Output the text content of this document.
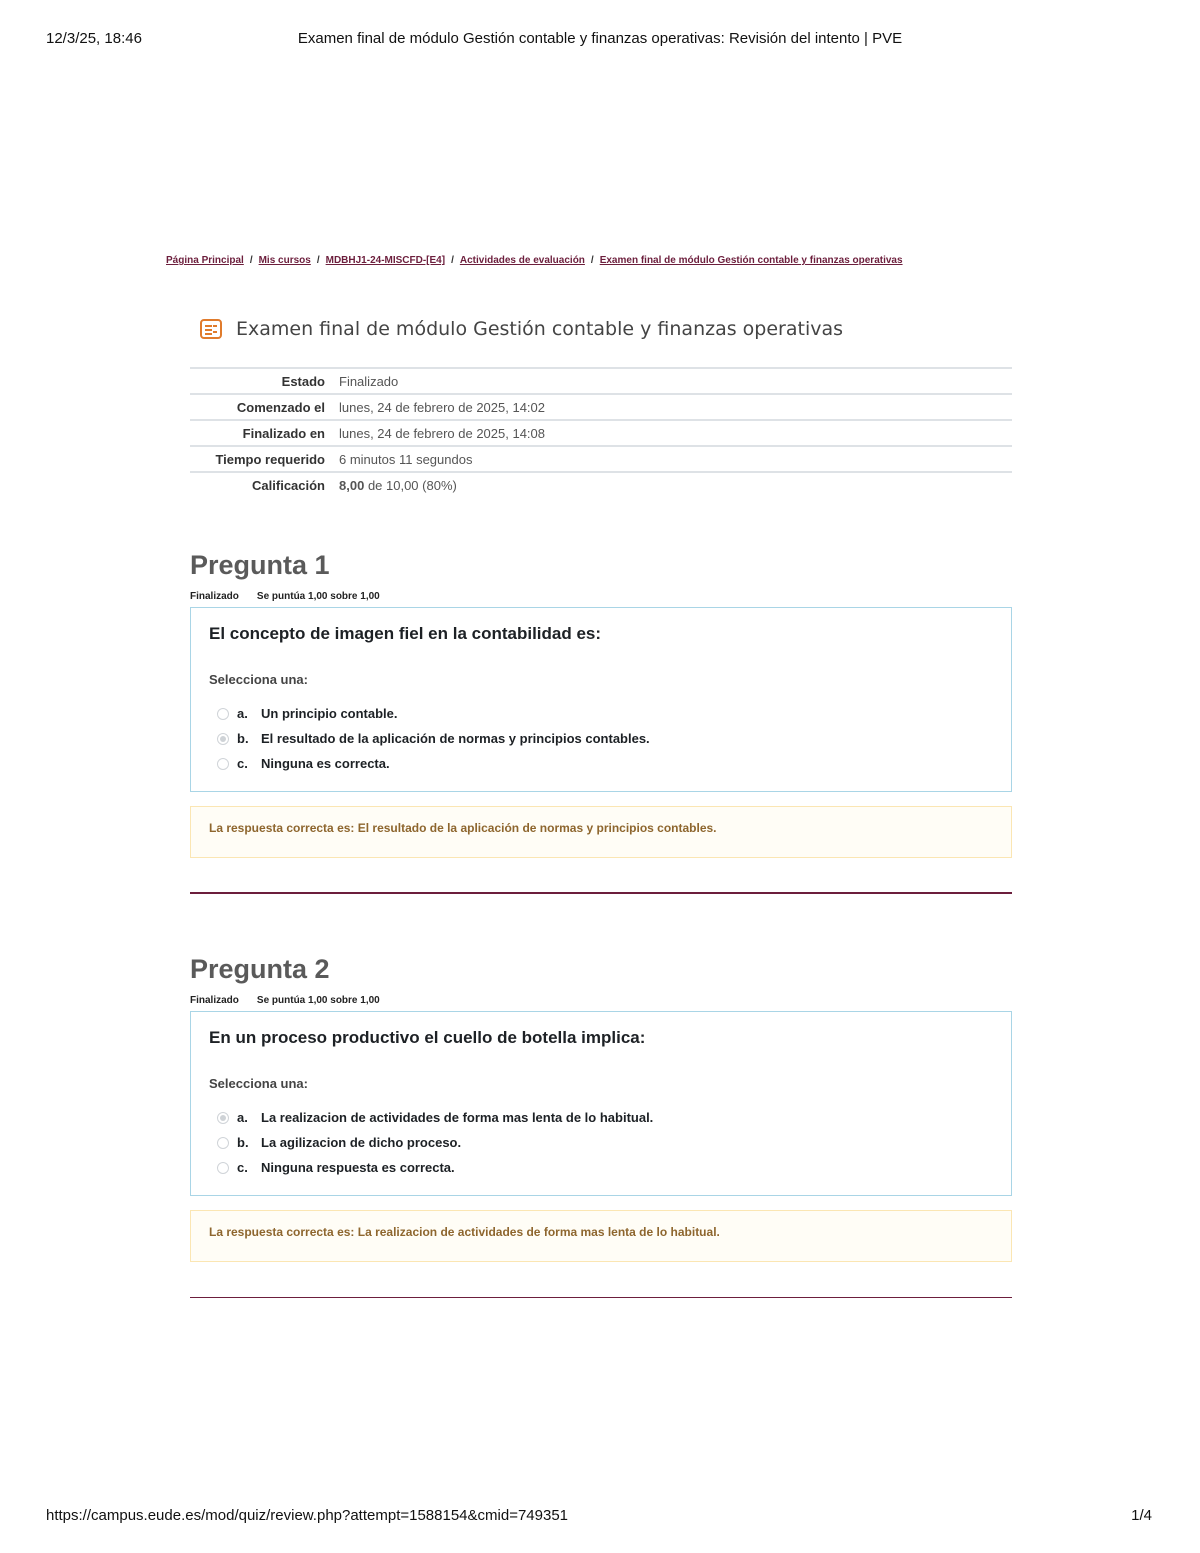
12/3/25, 18:46	Examen final de módulo Gestión contable y finanzas operativas: Revisión del intento | PVE
Página Principal / Mis cursos / MDBHJ1-24-MISCFD-[E4] / Actividades de evaluación / Examen final de módulo Gestión contable y finanzas operativas
Examen final de módulo Gestión contable y finanzas operativas
Estado	Finalizado
Comenzado el	lunes, 24 de febrero de 2025, 14:02
Finalizado en	lunes, 24 de febrero de 2025, 14:08
Tiempo requerido	6 minutos 11 segundos
Calificación	8,00 de 10,00 (80%)
Pregunta 1
Finalizado Se puntúa 1,00 sobre 1,00
El concepto de imagen fiel en la contabilidad es:
Selecciona una:
a.	Un principio contable.
b. El resultado de la aplicación de normas y principios contables.
c.	Ninguna es correcta.
La respuesta correcta es: El resultado de la aplicación de normas y principios contables.
Pregunta 2
Finalizado Se puntúa 1,00 sobre 1,00
En un proceso productivo el cuello de botella implica:
Selecciona una:
a.	La realizacion de actividades de forma mas lenta de lo habitual.
b. La agilizacion de dicho proceso.
c.	Ninguna respuesta es correcta.
La respuesta correcta es: La realizacion de actividades de forma mas lenta de lo habitual.
https://campus.eude.es/mod/quiz/review.php?attempt=1588154&cmid=749351	1/4
